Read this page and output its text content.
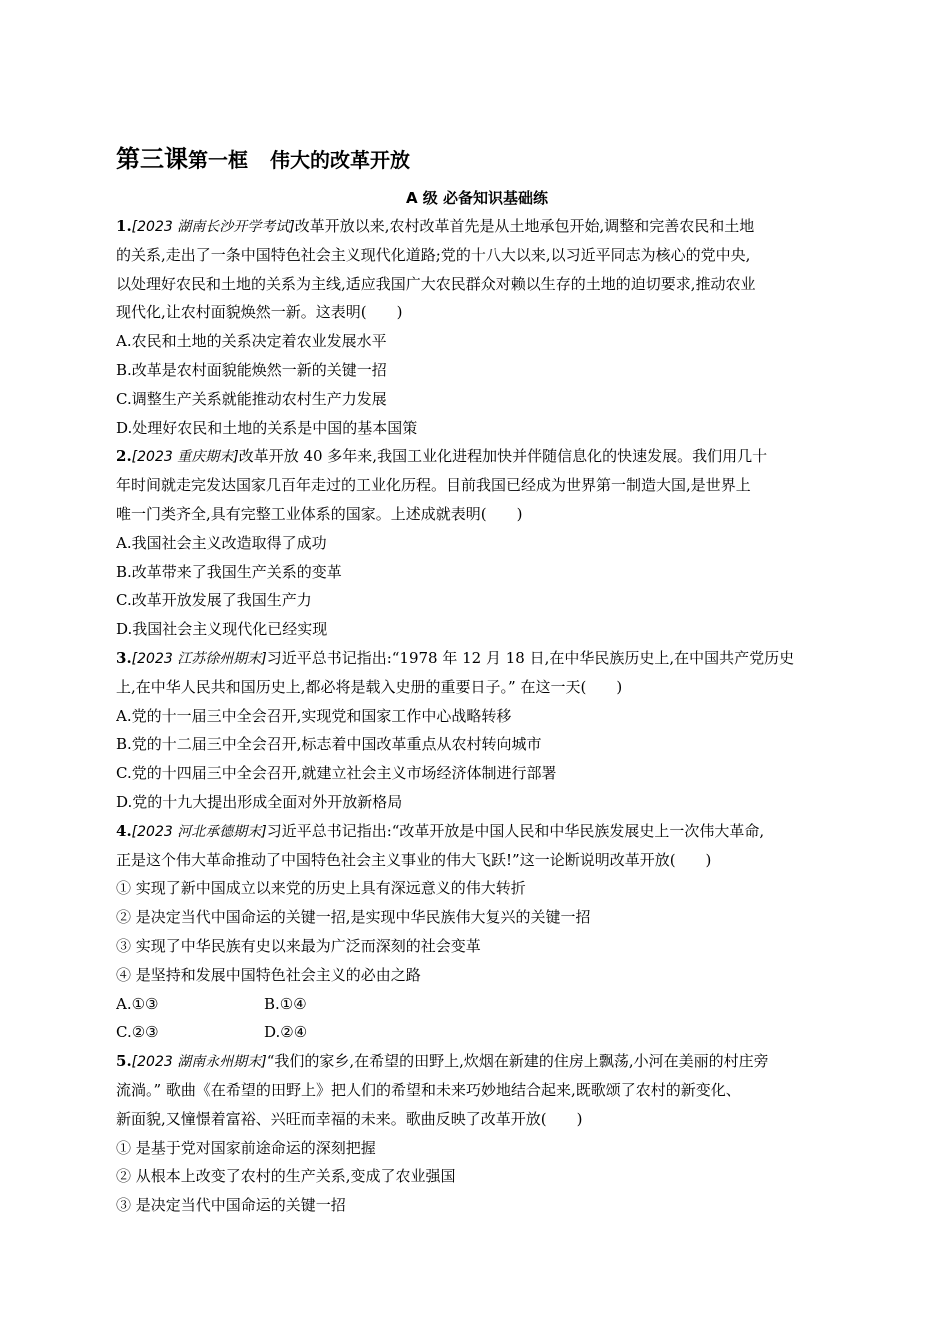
第三课第一框 伟大的改革开放
A 级 必备知识基础练
1.[2023 湖南长沙开学考试]改革开放以来,农村改革首先是从土地承包开始,调整和完善农民和土地
的关系,走出了一条中国特色社会主义现代化道路;党的十八大以来,以习近平同志为核心的党中央,
以处理好农民和土地的关系为主线,适应我国广大农民群众对赖以生存的土地的迫切要求,推动农业
现代化,让农村面貌焕然一新。这表明(　　)
A.农民和土地的关系决定着农业发展水平
B.改革是农村面貌能焕然一新的关键一招
C.调整生产关系就能推动农村生产力发展
D.处理好农民和土地的关系是中国的基本国策
2.[2023 重庆期末]改革开放 40 多年来,我国工业化进程加快并伴随信息化的快速发展。我们用几十
年时间就走完发达国家几百年走过的工业化历程。目前我国已经成为世界第一制造大国,是世界上
唯一门类齐全,具有完整工业体系的国家。上述成就表明(　　)
A.我国社会主义改造取得了成功
B.改革带来了我国生产关系的变革
C.改革开放发展了我国生产力
D.我国社会主义现代化已经实现
3.[2023 江苏徐州期末]习近平总书记指出:“1978 年 12 月 18 日,在中华民族历史上,在中国共产党历史
上,在中华人民共和国历史上,都必将是载入史册的重要日子。” 在这一天(　　)
A.党的十一届三中全会召开,实现党和国家工作中心战略转移
B.党的十二届三中全会召开,标志着中国改革重点从农村转向城市
C.党的十四届三中全会召开,就建立社会主义市场经济体制进行部署
D.党的十九大提出形成全面对外开放新格局
4.[2023 河北承德期末]习近平总书记指出:“改革开放是中国人民和中华民族发展史上一次伟大革命,
正是这个伟大革命推动了中国特色社会主义事业的伟大飞跃!”这一论断说明改革开放(　　)
① 实现了新中国成立以来党的历史上具有深远意义的伟大转折
② 是决定当代中国命运的关键一招,是实现中华民族伟大复兴的关键一招
③ 实现了中华民族有史以来最为广泛而深刻的社会变革
④ 是坚持和发展中国特色社会主义的必由之路
A.①③	B.①④
C.②③	D.②④
5.[2023 湖南永州期末]“我们的家乡,在希望的田野上,炊烟在新建的住房上飘荡,小河在美丽的村庄旁
流淌。” 歌曲《在希望的田野上》把人们的希望和未来巧妙地结合起来,既歌颂了农村的新变化、
新面貌,又憧憬着富裕、兴旺而幸福的未来。歌曲反映了改革开放(　　)
① 是基于党对国家前途命运的深刻把握
② 从根本上改变了农村的生产关系,变成了农业强国
③ 是决定当代中国命运的关键一招
